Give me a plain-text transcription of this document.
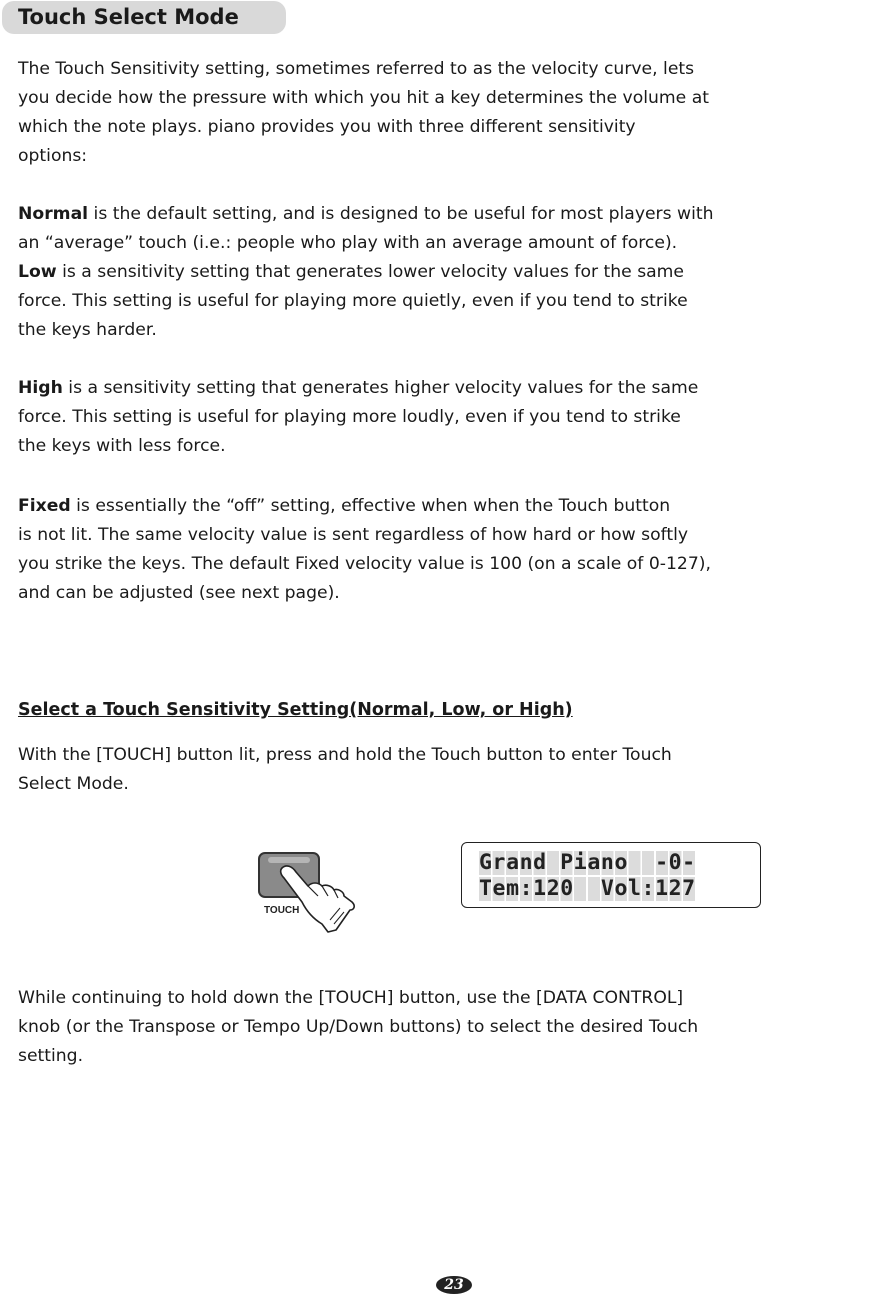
Touch Select Mode
The Touch Sensitivity setting, sometimes referred to as the velocity curve, lets
you decide how the pressure with which you hit a key determines the volume at
which the note plays. piano provides you with three different sensitivity
options:
Normal is the default setting, and is designed to be useful for most players with
an “average” touch (i.e.: people who play with an average amount of force).
Low is a sensitivity setting that generates lower velocity values for the same
force. This setting is useful for playing more quietly, even if you tend to strike
the keys harder.
High is a sensitivity setting that generates higher velocity values for the same
force. This setting is useful for playing more loudly, even if you tend to strike
the keys with less force.
Fixed is essentially the “off” setting, effective when when the Touch button
is not lit. The same velocity value is sent regardless of how hard or how softly
you strike the keys. The default Fixed velocity value is 100 (on a scale of 0-127),
and can be adjusted (see next page).
Select a Touch Sensitivity Setting(Normal, Low, or High)
With the [TOUCH] button lit, press and hold the Touch button to enter Touch
Select Mode.
TOUCH
Grand Piano  -0-
Tem:120  Vol:127
While continuing to hold down the [TOUCH] button, use the [DATA CONTROL]
knob (or the Transpose or Tempo Up/Down buttons) to select the desired Touch
setting.
23
